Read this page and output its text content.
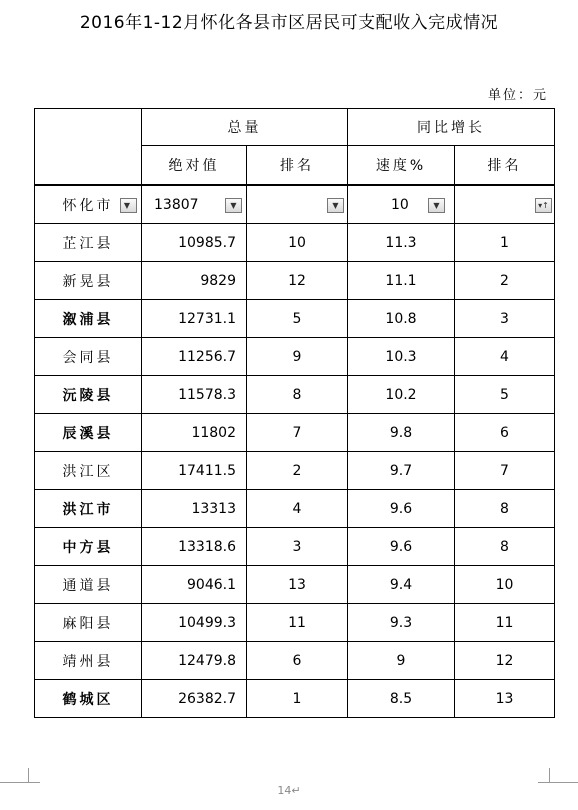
2016年1-12月怀化各县市区居民可支配收入完成情况
单位：元
	总量		同比增长	
	绝对值	排名	速度%	排名
怀化市 ▼	13807 ▼	▼	10 ▼	▾↑

芷江县	10985.7	10	11.3	1
新晃县	9829	12	11.1	2
溆浦县	12731.1	5	10.8	3
会同县	11256.7	9	10.3	4
沅陵县	11578.3	8	10.2	5
辰溪县	11802	7	9.8	6
洪江区	17411.5	2	9.7	7
洪江市	13313	4	9.6	8
中方县	13318.6	3	9.6	8
通道县	9046.1	13	9.4	10
麻阳县	10499.3	11	9.3	11
靖州县	12479.8	6	9	12
鹤城区	26382.7	1	8.5	13
14↵
